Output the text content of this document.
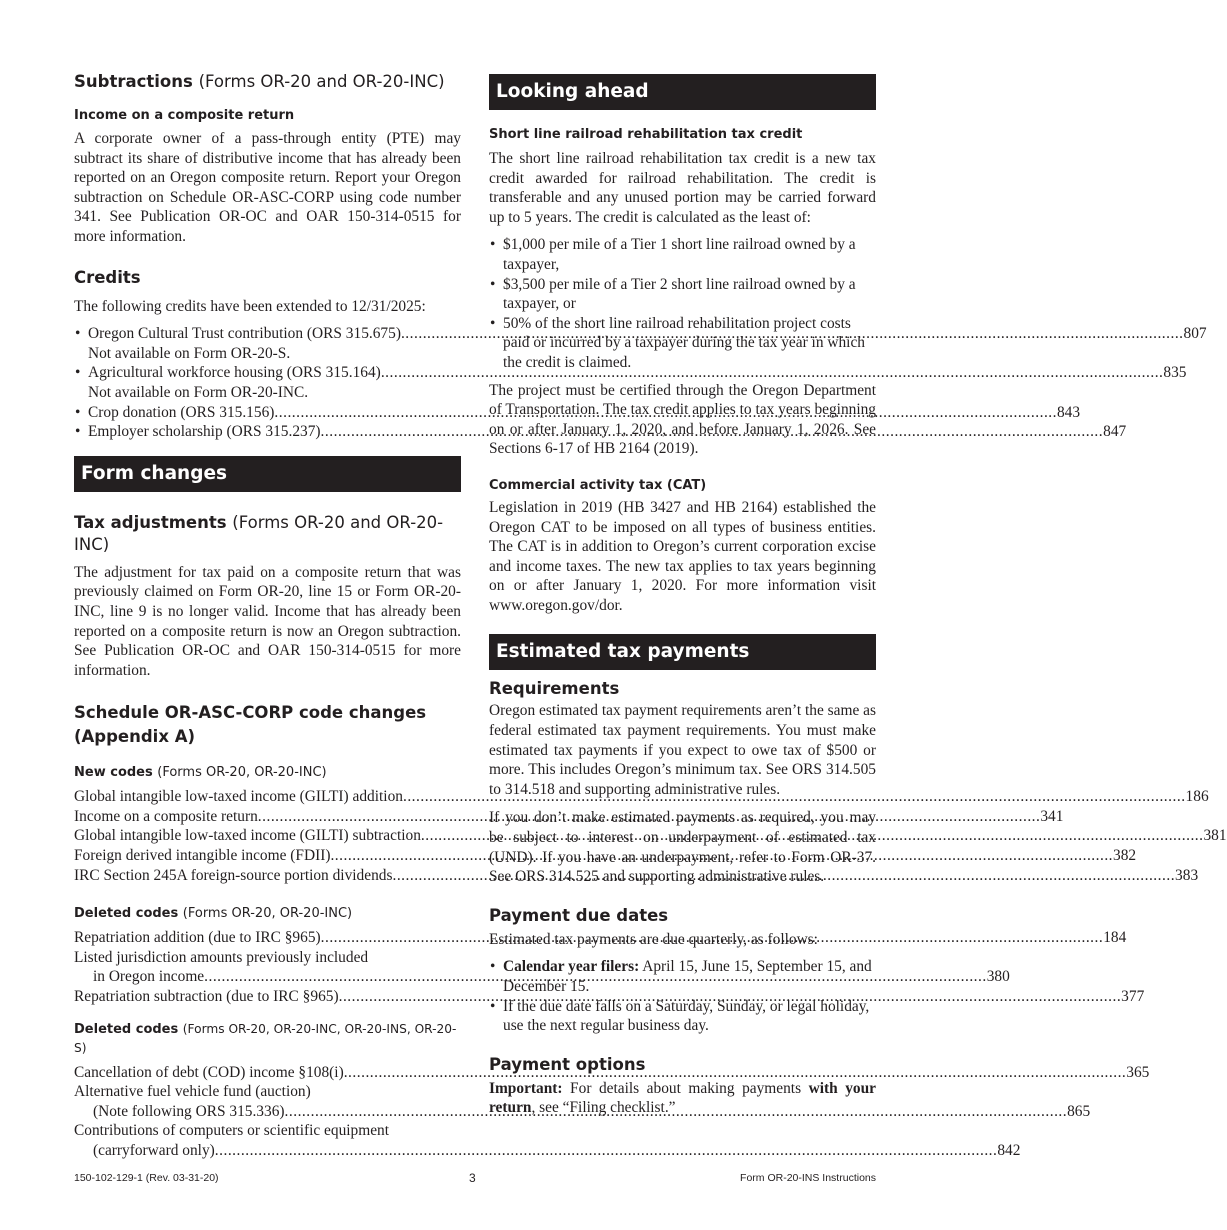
Subtractions (Forms OR-20 and OR-20-INC)
Income on a composite return

A corporate owner of a pass-through entity (PTE) may subtract its share of distributive income that has already been reported on an Oregon composite return. Report your Oregon subtraction on Schedule OR-ASC-CORP using code number 341. See Publication OR-OC and OAR 150-314-0515 for more information.

Credits

The following credits have been extended to 12/31/2025:

• Oregon Cultural Trust contribution (ORS 315.675) .....	807
Not available on Form OR-20-S.
• Agricultural workforce housing (ORS 315.164) .....	835
Not available on Form OR-20-INC.
• Crop donation (ORS 315.156) .....	843
• Employer scholarship (ORS 315.237) .....	847
Form changes
Tax adjustments (Forms OR-20 and OR-20-INC)

The adjustment for tax paid on a composite return that was previously claimed on Form OR-20, line 15 or Form OR-20-INC, line 9 is no longer valid. Income that has already been reported on a composite return is now an Oregon subtraction. See Publication OR-OC and OAR 150-314-0515 for more information.

Schedule OR-ASC-CORP code changes
(Appendix A)
New codes (Forms OR-20, OR-20-INC)
Global intangible low-taxed income (GILTI) addition .....	186
Income on a composite return .....	341
Global intangible low-taxed income (GILTI) subtraction .....	381
Foreign derived intangible income (FDII) .....	382
IRC Section 245A foreign-source portion dividends .....	383
Deleted codes (Forms OR-20, OR-20-INC)
Repatriation addition (due to IRC §965) .....	184
Listed jurisdiction amounts previously included
in Oregon income .....	380
Repatriation subtraction (due to IRC §965) .....	377
Deleted codes (Forms OR-20, OR-20-INC, OR-20-INS, OR-20-S)
Cancellation of debt (COD) income §108(i) .....	365
Alternative fuel vehicle fund (auction)
(Note following ORS 315.336) .....	865
Contributions of computers or scientific equipment
(carryforward only) .....	842
Looking ahead
Short line railroad rehabilitation tax credit

The short line railroad rehabilitation tax credit is a new tax credit awarded for railroad rehabilitation. The credit is transferable and any unused portion may be carried forward up to 5 years. The credit is calculated as the least of:

• $1,000 per mile of a Tier 1 short line railroad owned by a taxpayer,
• $3,500 per mile of a Tier 2 short line railroad owned by a taxpayer, or
• 50% of the short line railroad rehabilitation project costs paid or incurred by a taxpayer during the tax year in which the credit is claimed.

The project must be certified through the Oregon Department of Transportation. The tax credit applies to tax years beginning on or after January 1, 2020, and before January 1, 2026. See Sections 6-17 of HB 2164 (2019).

Commercial activity tax (CAT)

Legislation in 2019 (HB 3427 and HB 2164) established the Oregon CAT to be imposed on all types of business entities. The CAT is in addition to Oregon’s current corporation excise and income taxes. The new tax applies to tax years beginning on or after January 1, 2020. For more information visit www.oregon.gov/dor.

Estimated tax payments
Requirements

Oregon estimated tax payment requirements aren’t the same as federal estimated tax payment requirements. You must make estimated tax payments if you expect to owe tax of $500 or more. This includes Oregon’s minimum tax. See ORS 314.505 to 314.518 and supporting administrative rules.

If you don’t make estimated payments as required, you may be subject to interest on underpayment of estimated tax (UND). If you have an underpayment, refer to Form OR-37. See ORS 314.525 and supporting administrative rules.

Payment due dates

Estimated tax payments are due quarterly, as follows:

• Calendar year filers: April 15, June 15, September 15, and December 15.
• If the due date falls on a Saturday, Sunday, or legal holiday, use the next regular business day.
Payment options

Important: For details about making payments with your return, see “Filing checklist.”

150-102-129-1 (Rev. 03-31-20)	3	Form OR-20-INS Instructions
